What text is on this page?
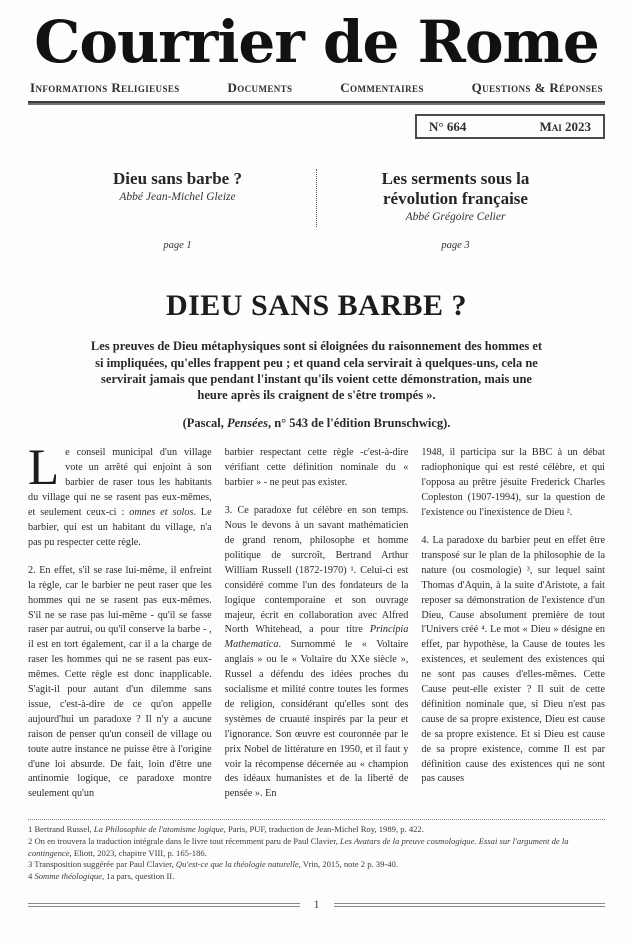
Courrier de Rome
Informations Religieuses	Documents	Commentaires	Questions & Réponses
N° 664	Mai 2023
Dieu sans barbe ?
Abbé Jean-Michel Gleize
page 1
Les serments sous la révolution française
Abbé Grégoire Celier
page 3
DIEU SANS BARBE ?

Les preuves de Dieu métaphysiques sont si éloignées du raisonnement des hommes et si impliquées, qu'elles frappent peu ; et quand cela servirait à quelques-uns, cela ne servirait jamais que pendant l'instant qu'ils voient cette démonstration, mais une heure après ils craignent de s'être trompés ».

(Pascal, Pensées, n° 543 de l'édition Brunschwicg).

Le conseil municipal d'un village vote un arrêté qui enjoint à son barbier de raser tous les habitants du village qui ne se rasent pas eux-mêmes, et seulement ceux-ci : omnes et solos. Le barbier, qui est un habitant du village, n'a pas pu respecter cette règle.

2. En effet, s'il se rase lui-même, il enfreint la règle, car le barbier ne peut raser que les hommes qui ne se rasent pas eux-mêmes. S'il ne se rase pas lui-même - qu'il se fasse raser par autrui, ou qu'il conserve la barbe - , il est en tort également, car il a la charge de raser les hommes qui ne se rasent pas eux-mêmes. Cette règle est donc inapplicable. S'agit-il pour autant d'un dilemme sans issue, c'est-à-dire de ce qu'on appelle aujourd'hui un paradoxe ? Il n'y a aucune raison de penser qu'un conseil de village ou toute autre instance ne puisse être à l'origine d'une loi absurde. De fait, loin d'être une antinomie logique, ce paradoxe montre seulement qu'un

barbier respectant cette règle -c'est-à-dire vérifiant cette définition nominale du « barbier » - ne peut pas exister.

3. Ce paradoxe fut célèbre en son temps. Nous le devons à un savant mathématicien de grand renom, philosophe et homme politique de surcroît, Bertrand Arthur William Russell (1872-1970) ¹. Celui-ci est considéré comme l'un des fondateurs de la logique contemporaine et son ouvrage majeur, écrit en collaboration avec Alfred North Whitehead, a pour titre Principia Mathematica. Surnommé le « Voltaire anglais » ou le « Voltaire du XXe siècle », Russel a défendu des idées proches du socialisme et milité contre toutes les formes de religion, considérant qu'elles sont des systèmes de cruauté inspirés par la peur et l'ignorance. Son œuvre est couronnée par le prix Nobel de littérature en 1950, et il faut y voir la récompense décernée au « champion des idéaux humanistes et de la liberté de pensée ». En

1948, il participa sur la BBC à un débat radiophonique qui est resté célèbre, et qui l'opposa au prêtre jésuite Frederick Charles Copleston (1907-1994), sur la question de l'existence ou l'inexistence de Dieu ².

4. La paradoxe du barbier peut en effet être transposé sur le plan de la philosophie de la nature (ou cosmologie) ³, sur lequel saint Thomas d'Aquin, à la suite d'Aristote, a fait reposer sa démonstration de l'existence d'un Dieu, Cause absolument première de tout l'Univers créé ⁴. Le mot « Dieu » désigne en effet, par hypothèse, la Cause de toutes les existences, et seulement des existences qui ne sont pas causes d'elles-mêmes. Cette Cause peut-elle exister ? Il suit de cette définition nominale que, si Dieu n'est pas cause de sa propre existence, Dieu est cause de sa propre existence. Et si Dieu est cause de sa propre existence, comme Il est par définition cause des existences qui ne sont pas causes

1 Bertrand Russel, La Philosophie de l'atomisme logique, Paris, PUF, traduction de Jean-Michel Roy, 1989, p. 422.

2 On en trouvera la traduction intégrale dans le livre tout récemment paru de Paul Clavier, Les Avatars de la preuve cosmologique. Essai sur l'argument de la contingence, Eliott, 2023, chapitre VIII, p. 165-186.

3 Transposition suggérée par Paul Clavier, Qu'est-ce que la théologie naturelle, Vrin, 2015, note 2 p. 39-40.

4 Somme théologique, 1a pars, question II.

1
